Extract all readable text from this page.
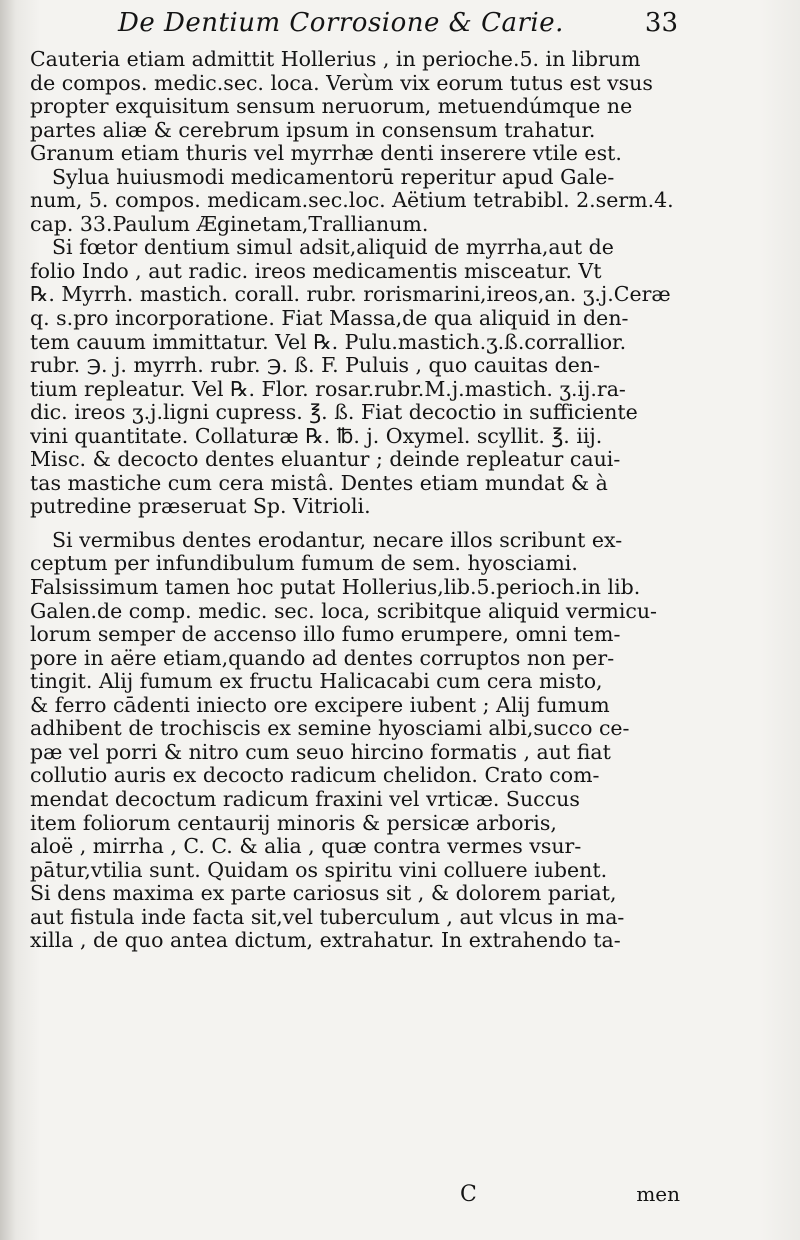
De Dentium Corrosione & Carie.	33
Cauteria etiam admittit Hollerius , in perioche.5. in librum
de compos. medic.sec. loca. Verùm vix eorum tutus est vsus
propter exquisitum sensum neruorum, metuendúmque ne
partes aliæ & cerebrum ipsum in consensum trahatur.
Granum etiam thuris vel myrrhæ denti inserere vtile est.
Sylua huiusmodi medicamentorū reperitur apud Gale-
num, 5. compos. medicam.sec.loc. Aëtium tetrabibl. 2.serm.4.
cap. 33.Paulum Æginetam,Trallianum.
Si fœtor dentium simul adsit,aliquid de myrrha,aut de
folio Indo , aut radic. ireos medicamentis misceatur. Vt
℞. Myrrh. mastich. corall. rubr. rorismarini,ireos,an. ʒ.j.Ceræ
q. s.pro incorporatione. Fiat Massa,de qua aliquid in den-
tem cauum immittatur. Vel ℞. Pulu.mastich.ʒ.ß.corrallior.
rubr. ℈. j. myrrh. rubr. ℈. ß. F. Puluis , quo cauitas den-
tium repleatur. Vel ℞. Flor. rosar.rubr.M.j.mastich. ʒ.ij.ra-
dic. ireos ʒ.j.ligni cupress. ℥. ß. Fiat decoctio in sufficiente
vini quantitate. Collaturæ ℞. ℔. j. Oxymel. scyllit. ℥. iij.
Misc. & decocto dentes eluantur ; deinde repleatur caui-
tas mastiche cum cera mistâ. Dentes etiam mundat & à
putredine præseruat Sp. Vitrioli.
Si vermibus dentes erodantur, necare illos scribunt ex-
ceptum per infundibulum fumum de sem. hyosciami.
Falsissimum tamen hoc putat Hollerius,lib.5.perioch.in lib.
Galen.de comp. medic. sec. loca, scribitque aliquid vermicu-
lorum semper de accenso illo fumo erumpere, omni tem-
pore in aëre etiam,quando ad dentes corruptos non per-
tingit. Alij fumum ex fructu Halicacabi cum cera misto,
& ferro cādenti iniecto ore excipere iubent ; Alij fumum
adhibent de trochiscis ex semine hyosciami albi,succo ce-
pæ vel porri & nitro cum seuo hircino formatis , aut fiat
collutio auris ex decocto radicum chelidon. Crato com-
mendat decoctum radicum fraxini vel vrticæ. Succus
item foliorum centaurij minoris & persicæ arboris,
aloë , mirrha , C. C. & alia , quæ contra vermes vsur-
pātur,vtilia sunt. Quidam os spiritu vini colluere iubent.
Si dens maxima ex parte cariosus sit , & dolorem pariat,
aut fistula inde facta sit,vel tuberculum , aut vlcus in ma-
xilla , de quo antea dictum, extrahatur. In extrahendo ta-
C	men
